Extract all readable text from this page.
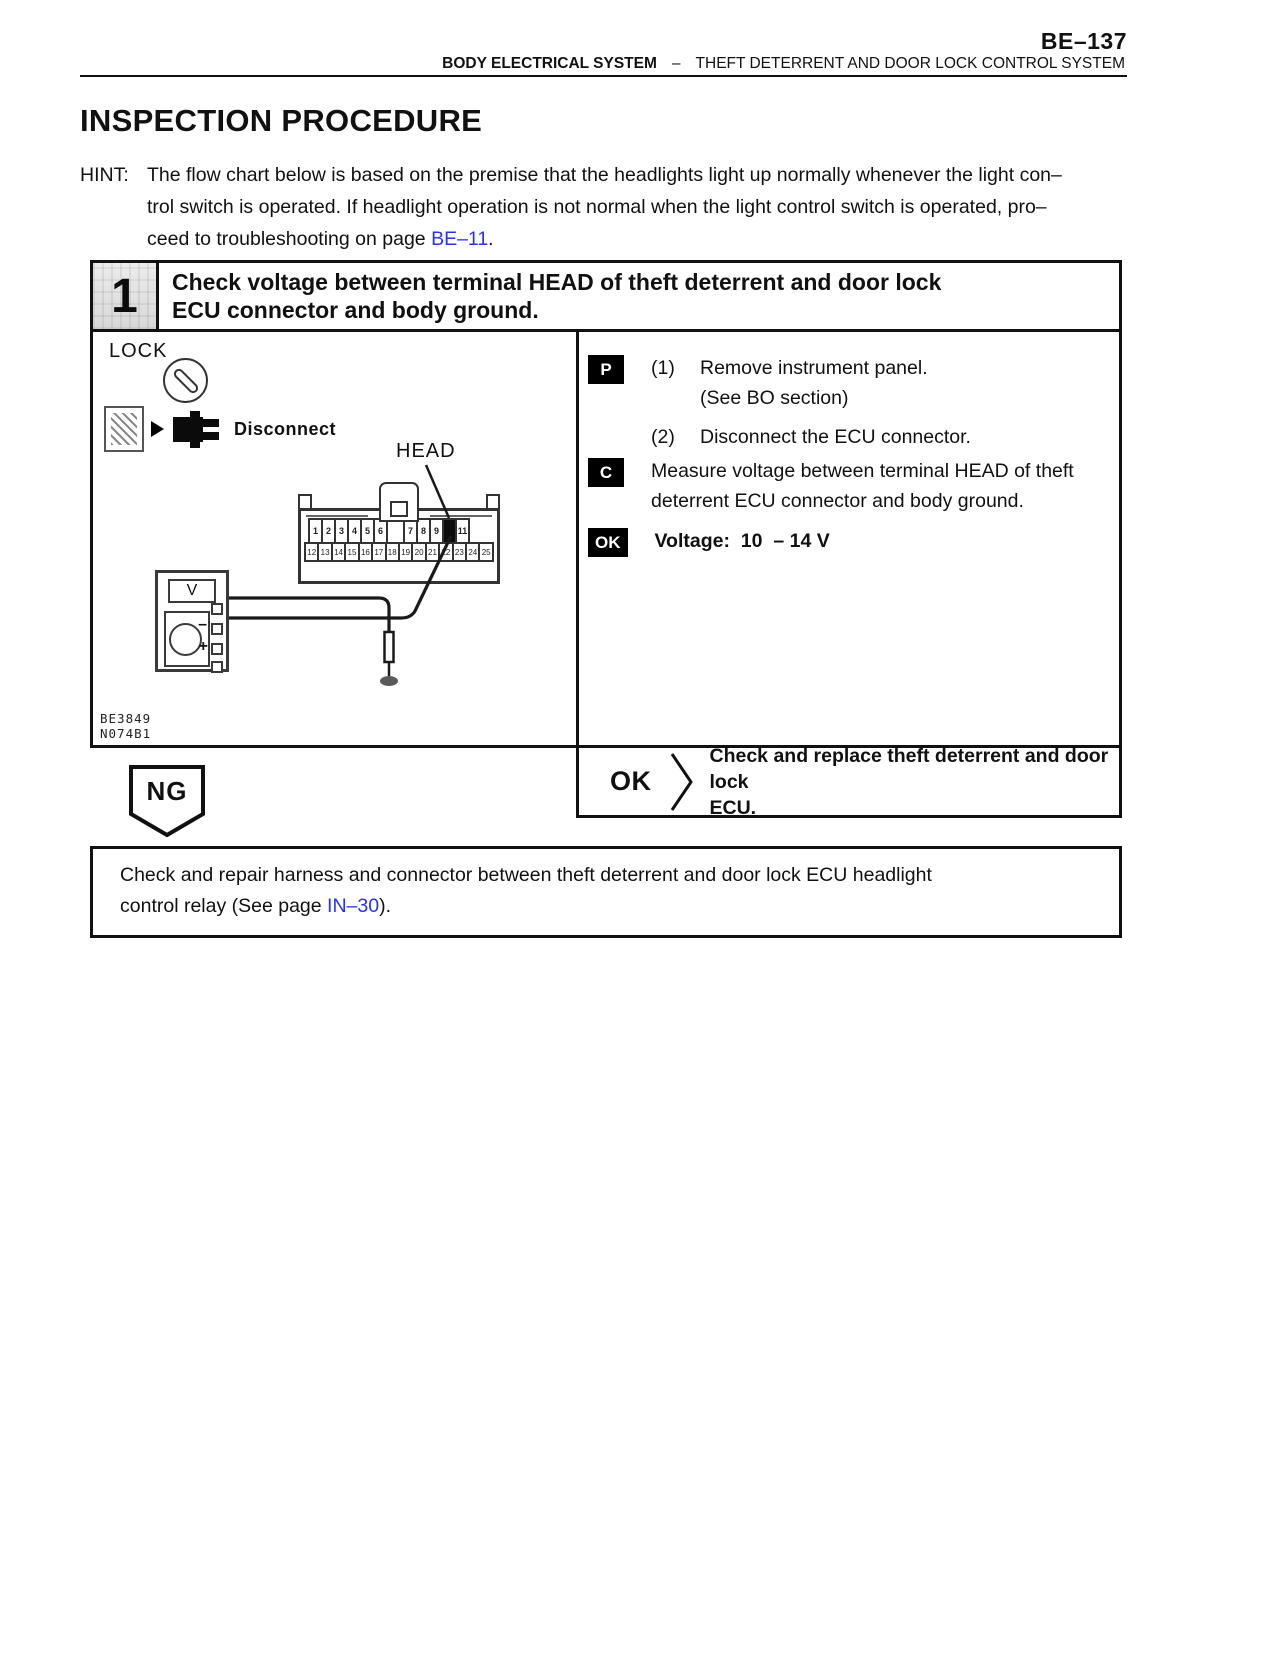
BE–137
BODY ELECTRICAL SYSTEM – THEFT DETERRENT AND DOOR LOCK CONTROL SYSTEM
INSPECTION PROCEDURE
HINT: The flow chart below is based on the premise that the headlights light up normally whenever the light con–
trol switch is operated. If headlight operation is not normal when the light control switch is operated, pro–
ceed to troubleshooting on page BE–11.
1	Check voltage between terminal HEAD of theft deterrent and door lock
ECU connector and body ground.
LOCK
Disconnect
HEAD
1 2 3 4 5 6	7 8 9 10 11
12 13 14 15 16 17 18 19 20 21 22 23 24 25
V
–
+
BE3849
N074B1
P	(1)	Remove instrument panel.
(See BO section)
(2)	Disconnect the ECU connector.
C	Measure voltage between terminal HEAD of theft
deterrent ECU connector and body ground.
OK	Voltage:  10  – 14 V
OK
Check and replace theft deterrent and door lock
ECU.
NG
Check and repair harness and connector between theft deterrent and door lock ECU headlight
control relay (See page IN–30).
